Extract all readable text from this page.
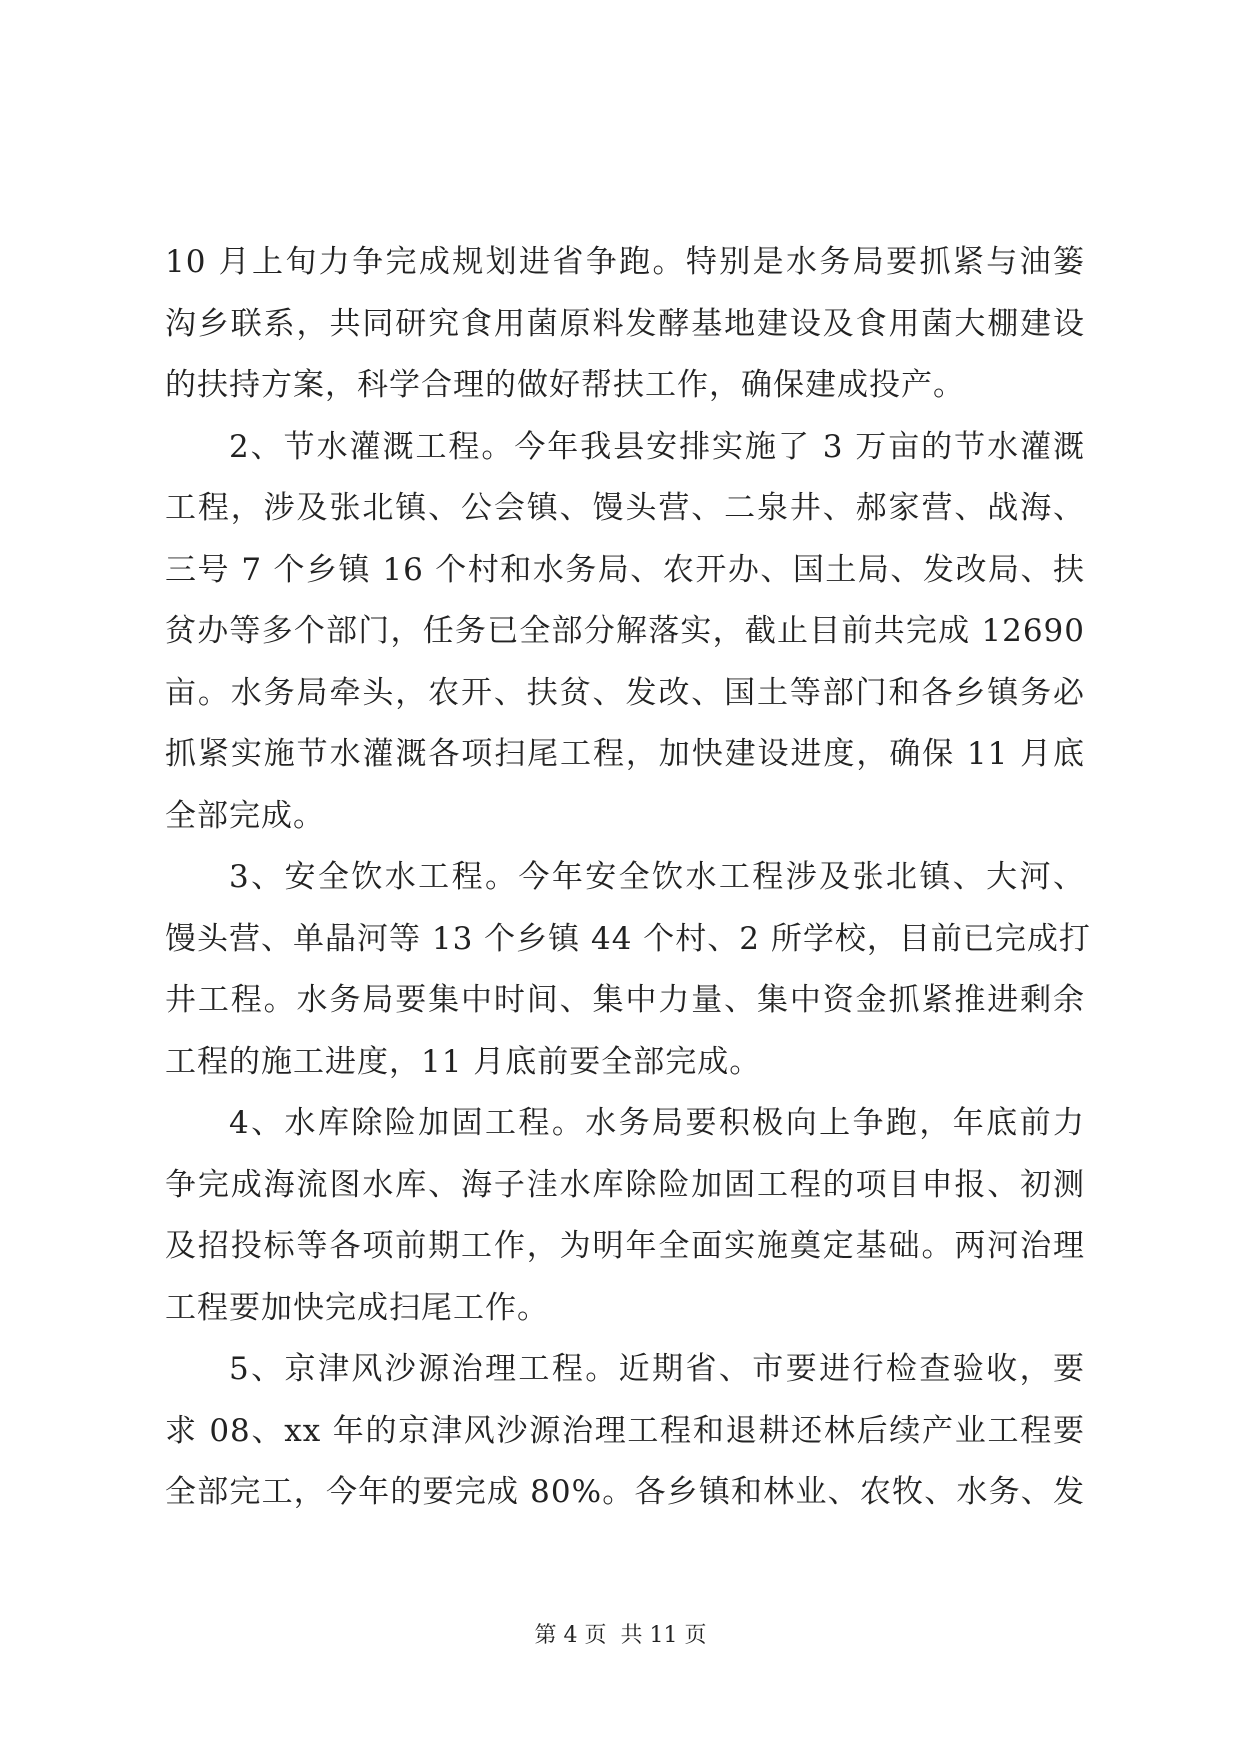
10 月上旬力争完成规划进省争跑。特别是水务局要抓紧与油篓
沟乡联系，共同研究食用菌原料发酵基地建设及食用菌大棚建设
的扶持方案，科学合理的做好帮扶工作，确保建成投产。
2、节水灌溉工程。今年我县安排实施了 3 万亩的节水灌溉
工程，涉及张北镇、公会镇、馒头营、二泉井、郝家营、战海、
三号 7 个乡镇 16 个村和水务局、农开办、国土局、发改局、扶
贫办等多个部门，任务已全部分解落实，截止目前共完成 12690
亩。水务局牵头，农开、扶贫、发改、国土等部门和各乡镇务必
抓紧实施节水灌溉各项扫尾工程，加快建设进度，确保 11 月底
全部完成。
3、安全饮水工程。今年安全饮水工程涉及张北镇、大河、
馒头营、单晶河等 13 个乡镇 44 个村、2 所学校，目前已完成打
井工程。水务局要集中时间、集中力量、集中资金抓紧推进剩余
工程的施工进度，11 月底前要全部完成。
4、水库除险加固工程。水务局要积极向上争跑，年底前力
争完成海流图水库、海子洼水库除险加固工程的项目申报、初测
及招投标等各项前期工作，为明年全面实施奠定基础。两河治理
工程要加快完成扫尾工作。
5、京津风沙源治理工程。近期省、市要进行检查验收，要
求 08、xx 年的京津风沙源治理工程和退耕还林后续产业工程要
全部完工，今年的要完成 80%。各乡镇和林业、农牧、水务、发
第 4 页  共 11 页
